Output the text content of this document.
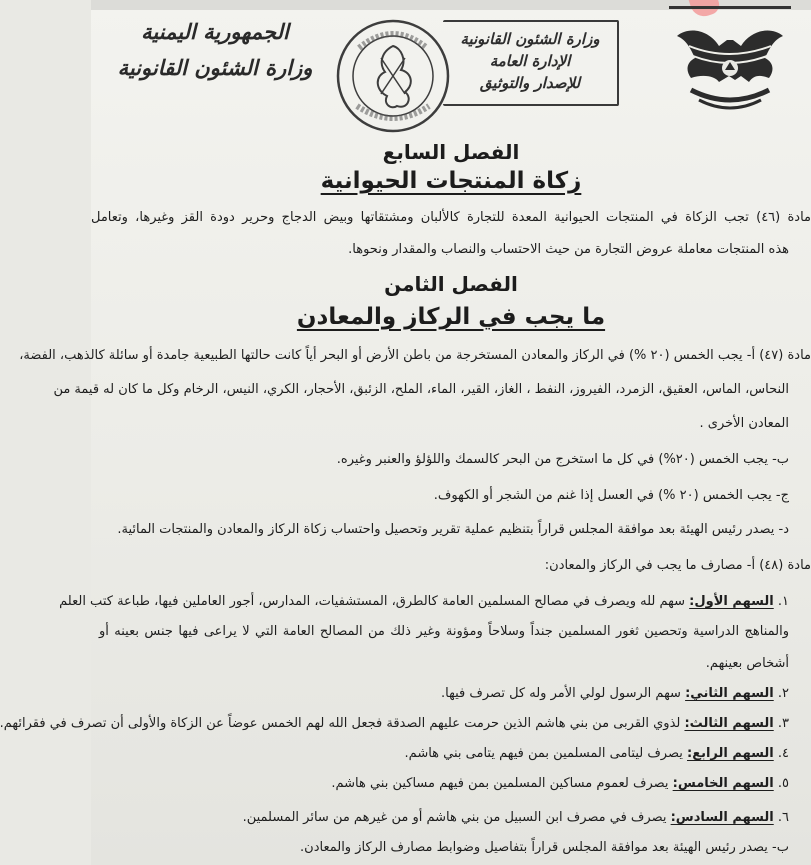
الجمهورية اليمنية
وزارة الشئون القانونية
وزارة الشئون القانونية
الإدارة العامة
للإصدار والتوثيق
الفصل السابع
زكاة المنتجات الحيوانية
مادة (٤٦) تجب الزكاة في المنتجات الحيوانية المعدة للتجارة كالألبان ومشتقاتها وبيض الدجاج وحرير دودة القز وغيرها، وتعامل
هذه المنتجات معاملة عروض التجارة من حيث الاحتساب والنصاب والمقدار ونحوها.
الفصل الثامن
ما يجب في الركاز والمعادن
مادة (٤٧) أ- يجب الخمس (٢٠ %) في الركاز والمعادن المستخرجة من باطن الأرض أو البحر أياً كانت حالتها الطبيعية جامدة أو سائلة كالذهب، الفضة،
النحاس، الماس، العقيق، الزمرد، الفيروز، النفط ، الغاز، القير، الماء، الملح، الزئبق، الأحجار، الكري، النيس، الرخام وكل ما كان له قيمة من
المعادن الأخرى .
ب- يجب الخمس (٢٠%) في كل ما استخرج من البحر كالسمك واللؤلؤ والعنبر وغيره.
ج- يجب الخمس (٢٠ %) في العسل إذا غنم من الشجر أو الكهوف.
د- يصدر رئيس الهيئة بعد موافقة المجلس قراراً بتنظيم عملية تقرير وتحصيل واحتساب زكاة الركاز والمعادن والمنتجات المائية.
مادة (٤٨) أ- مصارف ما يجب في الركاز والمعادن:
١. السهم الأول: سهم لله ويصرف في مصالح المسلمين العامة كالطرق، المستشفيات، المدارس، أجور العاملين فيها، طباعة كتب العلم
والمناهج الدراسية وتحصين ثغور المسلمين جنداً وسلاحاً ومؤونة وغير ذلك من المصالح العامة التي لا يراعى فيها جنس بعينه أو
أشخاص بعينهم.
٢. السهم الثاني: سهم الرسول لولي الأمر وله كل تصرف فيها.
٣. السهم الثالث: لذوي القربى من بني هاشم الذين حرمت عليهم الصدقة فجعل الله لهم الخمس عوضاً عن الزكاة والأولى أن تصرف في فقرائهم.
٤. السهم الرابع: يصرف ليتامى المسلمين بمن فيهم يتامى بني هاشم.
٥. السهم الخامس: يصرف لعموم مساكين المسلمين بمن فيهم مساكين بني هاشم.
٦. السهم السادس: يصرف في مصرف ابن السبيل من بني هاشم أو من غيرهم من سائر المسلمين.
ب- يصدر رئيس الهيئة بعد موافقة المجلس قراراً بتفاصيل وضوابط مصارف الركاز والمعادن.
